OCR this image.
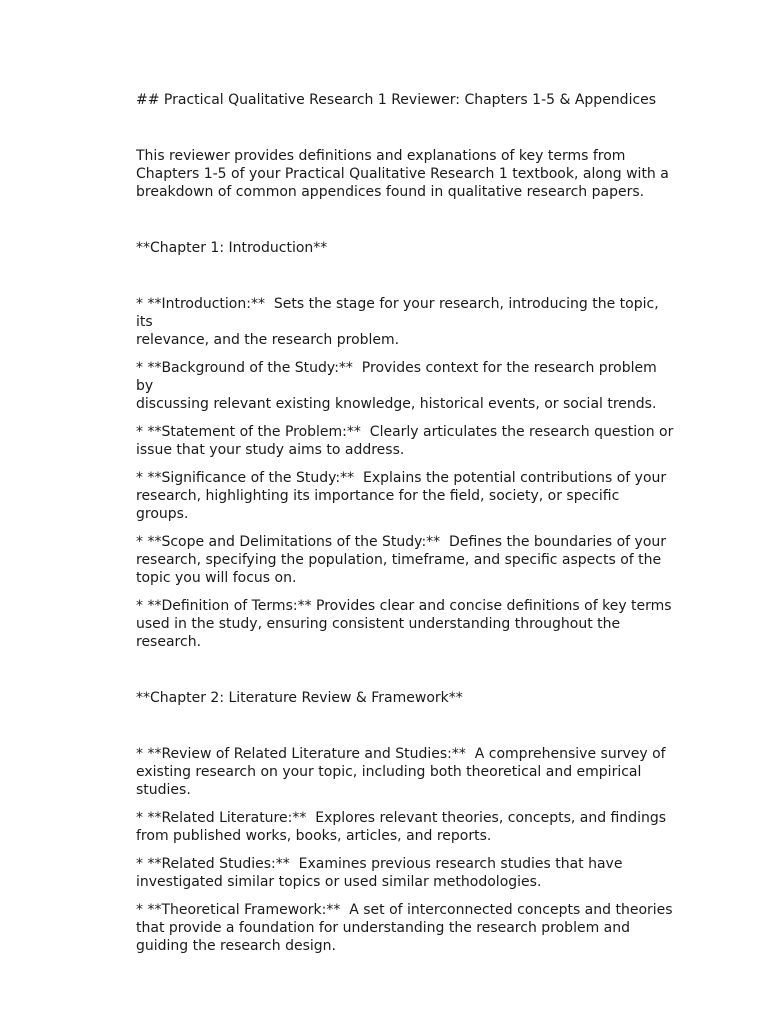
## Practical Qualitative Research 1 Reviewer: Chapters 1-5 & Appendices

This reviewer provides definitions and explanations of key terms from
Chapters 1-5 of your Practical Qualitative Research 1 textbook, along with a
breakdown of common appendices found in qualitative research papers.

**Chapter 1: Introduction**

* **Introduction:**  Sets the stage for your research, introducing the topic, its
relevance, and the research problem.

* **Background of the Study:**  Provides context for the research problem by
discussing relevant existing knowledge, historical events, or social trends.

* **Statement of the Problem:**  Clearly articulates the research question or
issue that your study aims to address.

* **Significance of the Study:**  Explains the potential contributions of your
research, highlighting its importance for the field, society, or specific groups.

* **Scope and Delimitations of the Study:**  Defines the boundaries of your
research, specifying the population, timeframe, and specific aspects of the
topic you will focus on.

* **Definition of Terms:** Provides clear and concise definitions of key terms
used in the study, ensuring consistent understanding throughout the
research.

**Chapter 2: Literature Review & Framework**

* **Review of Related Literature and Studies:**  A comprehensive survey of
existing research on your topic, including both theoretical and empirical
studies.

* **Related Literature:**  Explores relevant theories, concepts, and findings
from published works, books, articles, and reports.

* **Related Studies:**  Examines previous research studies that have
investigated similar topics or used similar methodologies.

* **Theoretical Framework:**  A set of interconnected concepts and theories
that provide a foundation for understanding the research problem and
guiding the research design.
